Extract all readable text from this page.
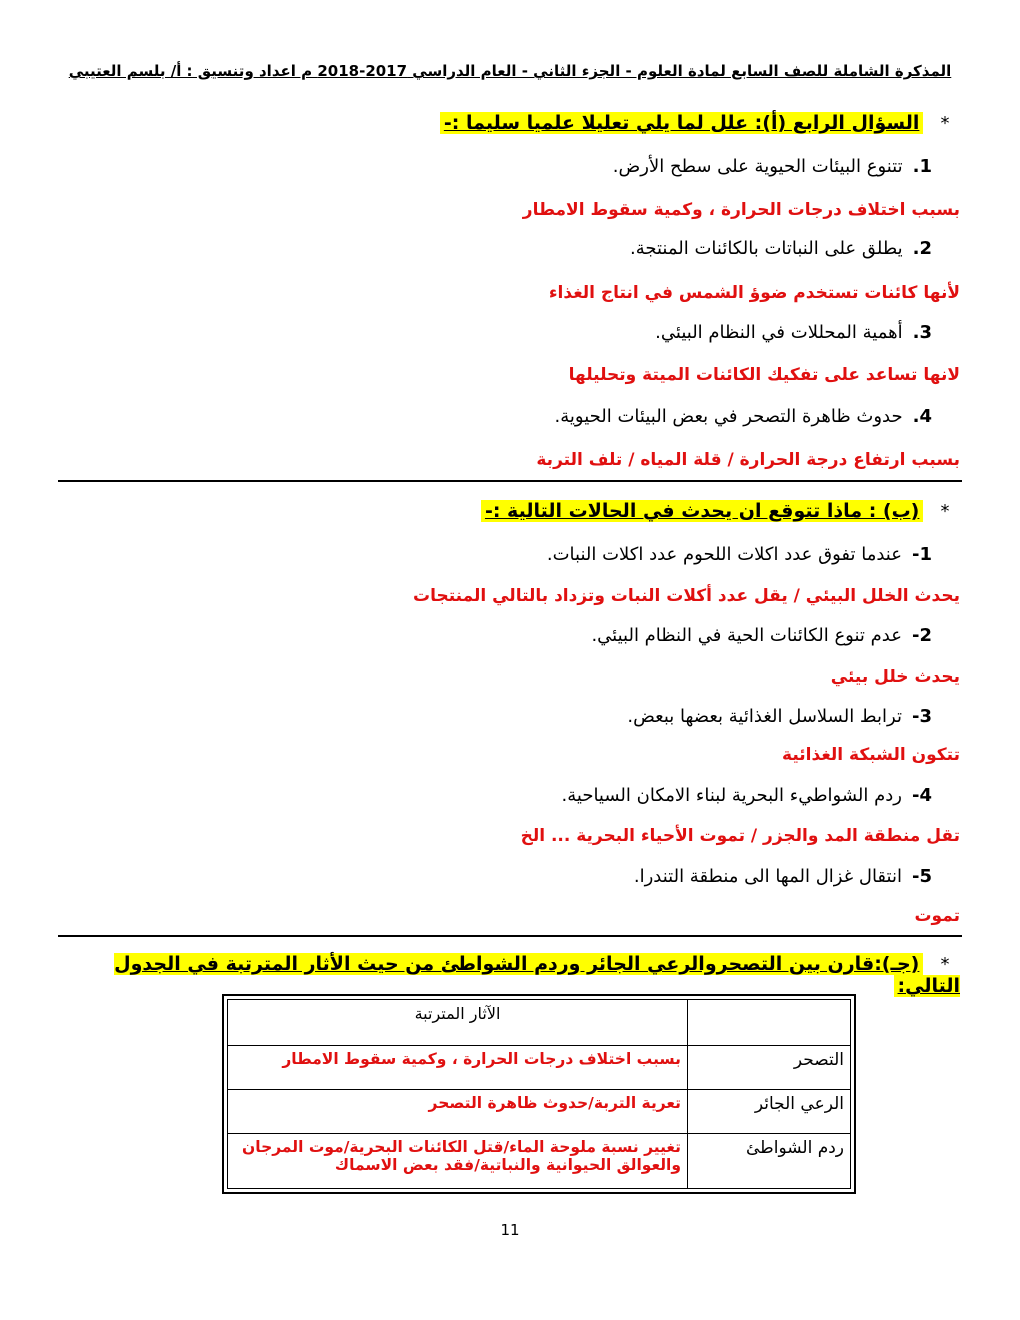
المذكرة الشاملة للصف السابع لمادة العلوم - الجزء الثاني - العام الدراسي 2017-2018 م اعداد وتنسيق : أ/ بلسم العتيبي
* السؤال الرابع (أ): علل لما يلي تعليلا علميا سليما :-
1.تتنوع البيئات الحيوية على سطح الأرض.
بسبب اختلاف درجات الحرارة ، وكمية سقوط الامطار
2.يطلق على النباتات بالكائنات المنتجة.
لأنها كائنات تستخدم ضوؤ الشمس في انتاج الغذاء
3.أهمية المحللات في النظام البيئي.
لانها تساعد على تفكيك الكائنات الميتة وتحليلها
4.حدوث ظاهرة التصحر في بعض البيئات الحيوية.
بسبب ارتفاع درجة الحرارة / قلة المياه / تلف التربة
* (ب) : ماذا تتوقع ان يحدث في الحالات التالية :-
1-عندما تفوق عدد اكلات اللحوم عدد اكلات النبات.
يحدث الخلل البيئي / يقل عدد أكلات النبات وتزداد بالتالي المنتجات
2-عدم تنوع الكائنات الحية في النظام البيئي.
يحدث خلل بيئي
3-ترابط السلاسل الغذائية بعضها ببعض.
تتكون الشبكة الغذائية
4-ردم الشواطيء البحرية لبناء الامكان السياحية.
تقل منطقة المد والجزر / تموت الأحياء البحرية ... الخ
5-انتقال غزال المها الى منطقة التندرا.
تموت
* (جـ):قارن بين التصحروالرعي الجائر وردم الشواطئ من حيث الأثار المترتبة في الجدول التالي:
	الآثار المترتبة
التصحر	بسبب اختلاف درجات الحرارة ، وكمية سقوط الامطار
الرعي الجائر	تعرية التربة/حدوث ظاهرة التصحر
ردم الشواطئ	تغيير نسبة ملوحة الماء/قتل الكائنات البحرية/موت المرجان والعوالق الحيوانية والنباتية/فقد بعض الاسماك
11
